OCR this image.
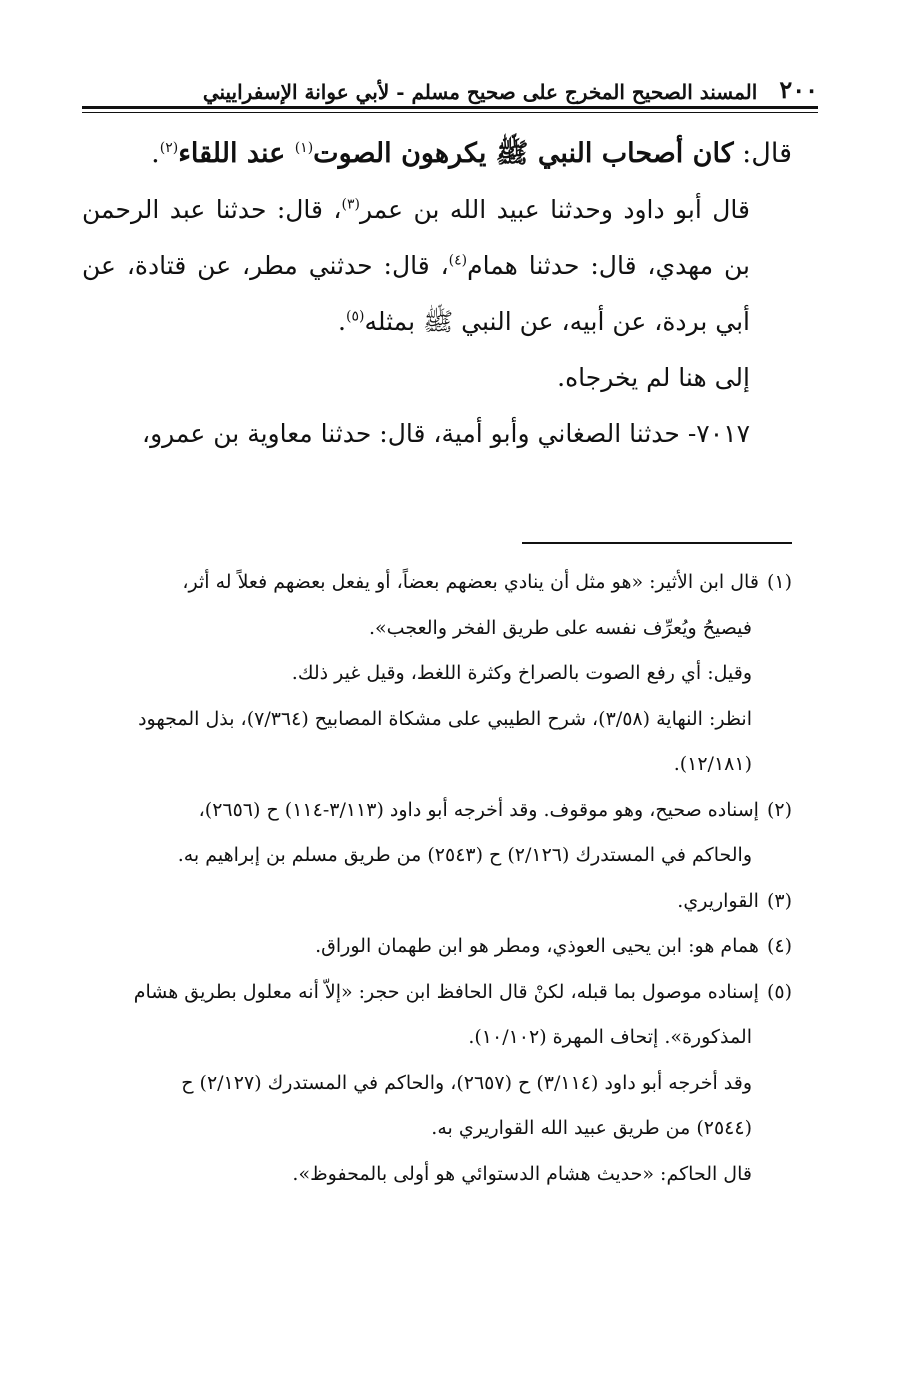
٢٠٠
المسند الصحيح المخرج على صحيح مسلم - لأبي عوانة الإسفراييني

قال: كان أصحاب النبي ﷺ يكرهون الصوت$^{(١)}$ عند اللقاء$^{(٢)}$.

قال أبو داود وحدثنا عبيد الله بن عمر$^{(٣)}$، قال: حدثنا عبد الرحمن بن مهدي، قال: حدثنا همام$^{(٤)}$، قال: حدثني مطر، عن قتادة، عن أبي بردة، عن أبيه، عن النبي ﷺ بمثله$^{(٥)}$.

إلى هنا لم يخرجاه.

٧٠١٧- حدثنا الصغاني وأبو أمية، قال: حدثنا معاوية بن عمرو،

(١)قال ابن الأثير: «هو مثل أن ينادي بعضهم بعضاً، أو يفعل بعضهم فعلاً له أثر،

فيصيحُ ويُعرِّف نفسه على طريق الفخر والعجب».

وقيل: أي رفع الصوت بالصراخ وكثرة اللغط، وقيل غير ذلك.

انظر: النهاية (٣/٥٨)، شرح الطيبي على مشكاة المصابيح (٧/٣٦٤)، بذل المجهود

(١٢/١٨١).

(٢)إسناده صحيح، وهو موقوف. وقد أخرجه أبو داود (٣/١١٣-١١٤) ح (٢٦٥٦)،

والحاكم في المستدرك (٢/١٢٦) ح (٢٥٤٣) من طريق مسلم بن إبراهيم به.

(٣)القواريري.

(٤)همام هو: ابن يحيى العوذي، ومطر هو ابن طهمان الوراق.

(٥)إسناده موصول بما قبله، لكنْ قال الحافظ ابن حجر: «إلاّ أنه معلول بطريق هشام

المذكورة». إتحاف المهرة (١٠/١٠٢).

وقد أخرجه أبو داود (٣/١١٤) ح (٢٦٥٧)، والحاكم في المستدرك (٢/١٢٧) ح

(٢٥٤٤) من طريق عبيد الله القواريري به.

قال الحاكم: «حديث هشام الدستوائي هو أولى بالمحفوظ».
